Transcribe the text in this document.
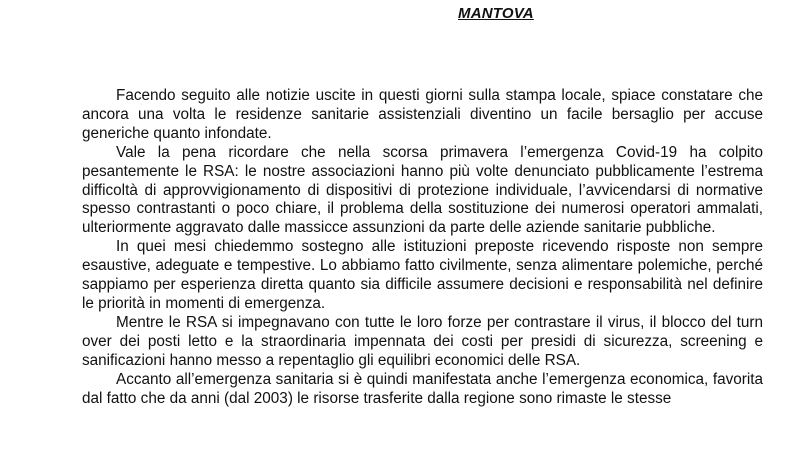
MANTOVA

Facendo seguito alle notizie uscite in questi giorni sulla stampa locale, spiace constatare che ancora una volta le residenze sanitarie assistenziali diventino un facile bersaglio per accuse generiche quanto infondate.

Vale la pena ricordare che nella scorsa primavera l’emergenza Covid-19 ha colpito pesantemente le RSA: le nostre associazioni hanno più volte denunciato pubblicamente l’estrema difficoltà di approvvigionamento di dispositivi di protezione individuale, l’avvicendarsi di normative spesso contrastanti o poco chiare, il problema della sostituzione dei numerosi operatori ammalati, ulteriormente aggravato dalle massicce assunzioni da parte delle aziende sanitarie pubbliche.

In quei mesi chiedemmo sostegno alle istituzioni preposte ricevendo risposte non sempre esaustive, adeguate e tempestive. Lo abbiamo fatto civilmente, senza alimentare polemiche, perché sappiamo per esperienza diretta quanto sia difficile assumere decisioni e responsabilità nel definire le priorità in momenti di emergenza.

Mentre le RSA si impegnavano con tutte le loro forze per contrastare il virus, il blocco del turn over dei posti letto e la straordinaria impennata dei costi per presidi di sicurezza, screening e sanificazioni hanno messo a repentaglio gli equilibri economici delle RSA.

Accanto all’emergenza sanitaria si è quindi manifestata anche l’emergenza economica, favorita dal fatto che da anni (dal 2003) le risorse trasferite dalla regione sono rimaste le stesse
